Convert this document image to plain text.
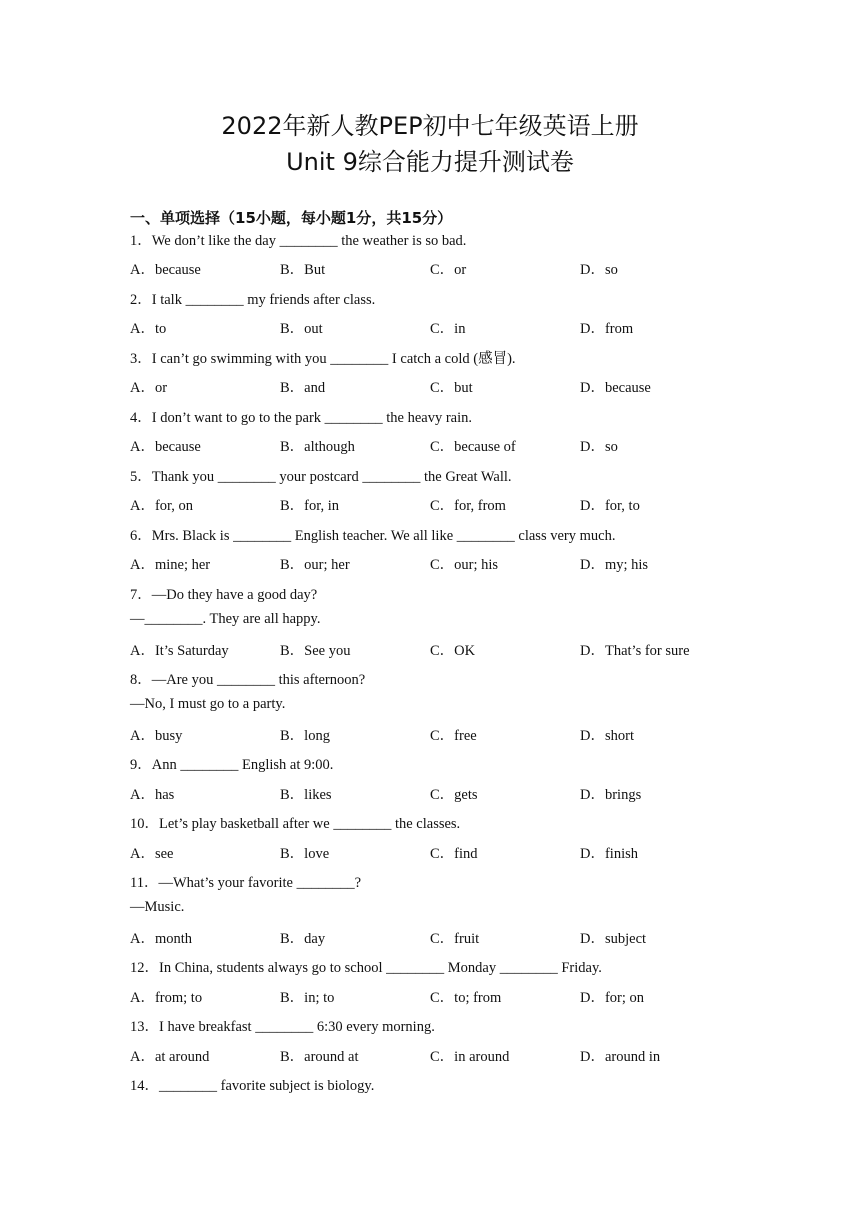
2022年新人教PEP初中七年级英语上册
Unit 9综合能力提升测试卷
一、单项选择（15小题，每小题1分，共15分）
1．We don’t like the day ________ the weather is so bad.
A．because	B．But	C．or	D．so
2．I talk ________ my friends after class.
A．to	B．out	C．in	D．from
3．I can’t go swimming with you ________ I catch a cold (感冒).
A．or	B．and	C．but	D．because
4．I don’t want to go to the park ________ the heavy rain.
A．because	B．although	C．because of	D．so
5．Thank you ________ your postcard ________ the Great Wall.
A．for, on	B．for, in	C．for, from	D．for, to
6．Mrs. Black is ________ English teacher. We all like ________ class very much.
A．mine; her	B．our; her	C．our; his	D．my; his
7．—Do they have a good day?
—________. They are all happy.
A．It’s Saturday	B．See you	C．OK	D．That’s for sure
8．—Are you ________ this afternoon?
—No, I must go to a party.
A．busy	B．long	C．free	D．short
9．Ann ________ English at 9:00.
A．has	B．likes	C．gets	D．brings
10．Let’s play basketball after we ________ the classes.
A．see	B．love	C．find	D．finish
11．—What’s your favorite ________?
—Music.
A．month	B．day	C．fruit	D．subject
12．In China, students always go to school ________ Monday ________ Friday.
A．from; to	B．in; to	C．to; from	D．for; on
13．I have breakfast ________ 6:30 every morning.
A．at around	B．around at	C．in around	D．around in
14．________ favorite subject is biology.
